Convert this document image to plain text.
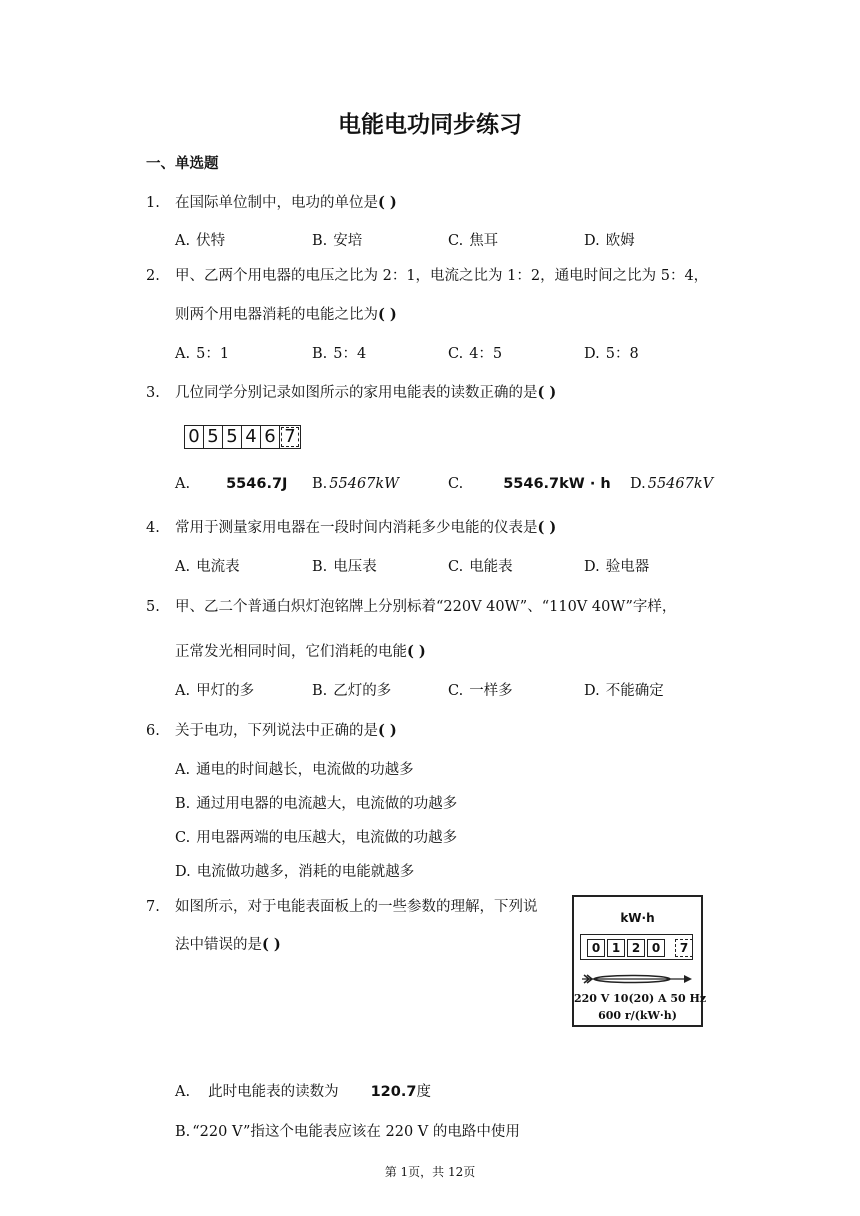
电能电功同步练习
一、单选题
1. 在国际单位制中，电功的单位是( )
A. 伏特	B. 安培	C. 焦耳	D. 欧姆
2. 甲、乙两个用电器的电压之比为 2：1，电流之比为 1：2，通电时间之比为 5：4，
则两个用电器消耗的电能之比为( )
A. 5：1	B. 5：4	C. 4：5	D. 5：8
3. 几位同学分别记录如图所示的家用电能表的读数正确的是( )
0 5 5 4 6 7
A. 5546.7J B. 55467kW	C.	5546.7kW · h D. 55467kV
4. 常用于测量家用电器在一段时间内消耗多少电能的仪表是( )
A. 电流表	B. 电压表	C. 电能表	D. 验电器
5. 甲、乙二个普通白炽灯泡铭牌上分别标着“220V 40W”、“110V 40W”字样，
正常发光相同时间，它们消耗的电能( )
A. 甲灯的多	B. 乙灯的多	C. 一样多	D. 不能确定
6. 关于电功，下列说法中正确的是( )
A. 通电的时间越长，电流做的功越多
B. 通过用电器的电流越大，电流做的功越多
C. 用电器两端的电压越大，电流做的功越多
D. 电流做功越多，消耗的电能就越多
7. 如图所示，对于电能表面板上的一些参数的理解，下列说
法中错误的是( )
kW·h
0 1 2 0	7
220 V 10(20) A 50 Hz
600 r/(kW·h)
A. 此时电能表的读数为 120.7度
B. “220 V”指这个电能表应该在 220 V 的电路中使用
第 1页，共 12页
